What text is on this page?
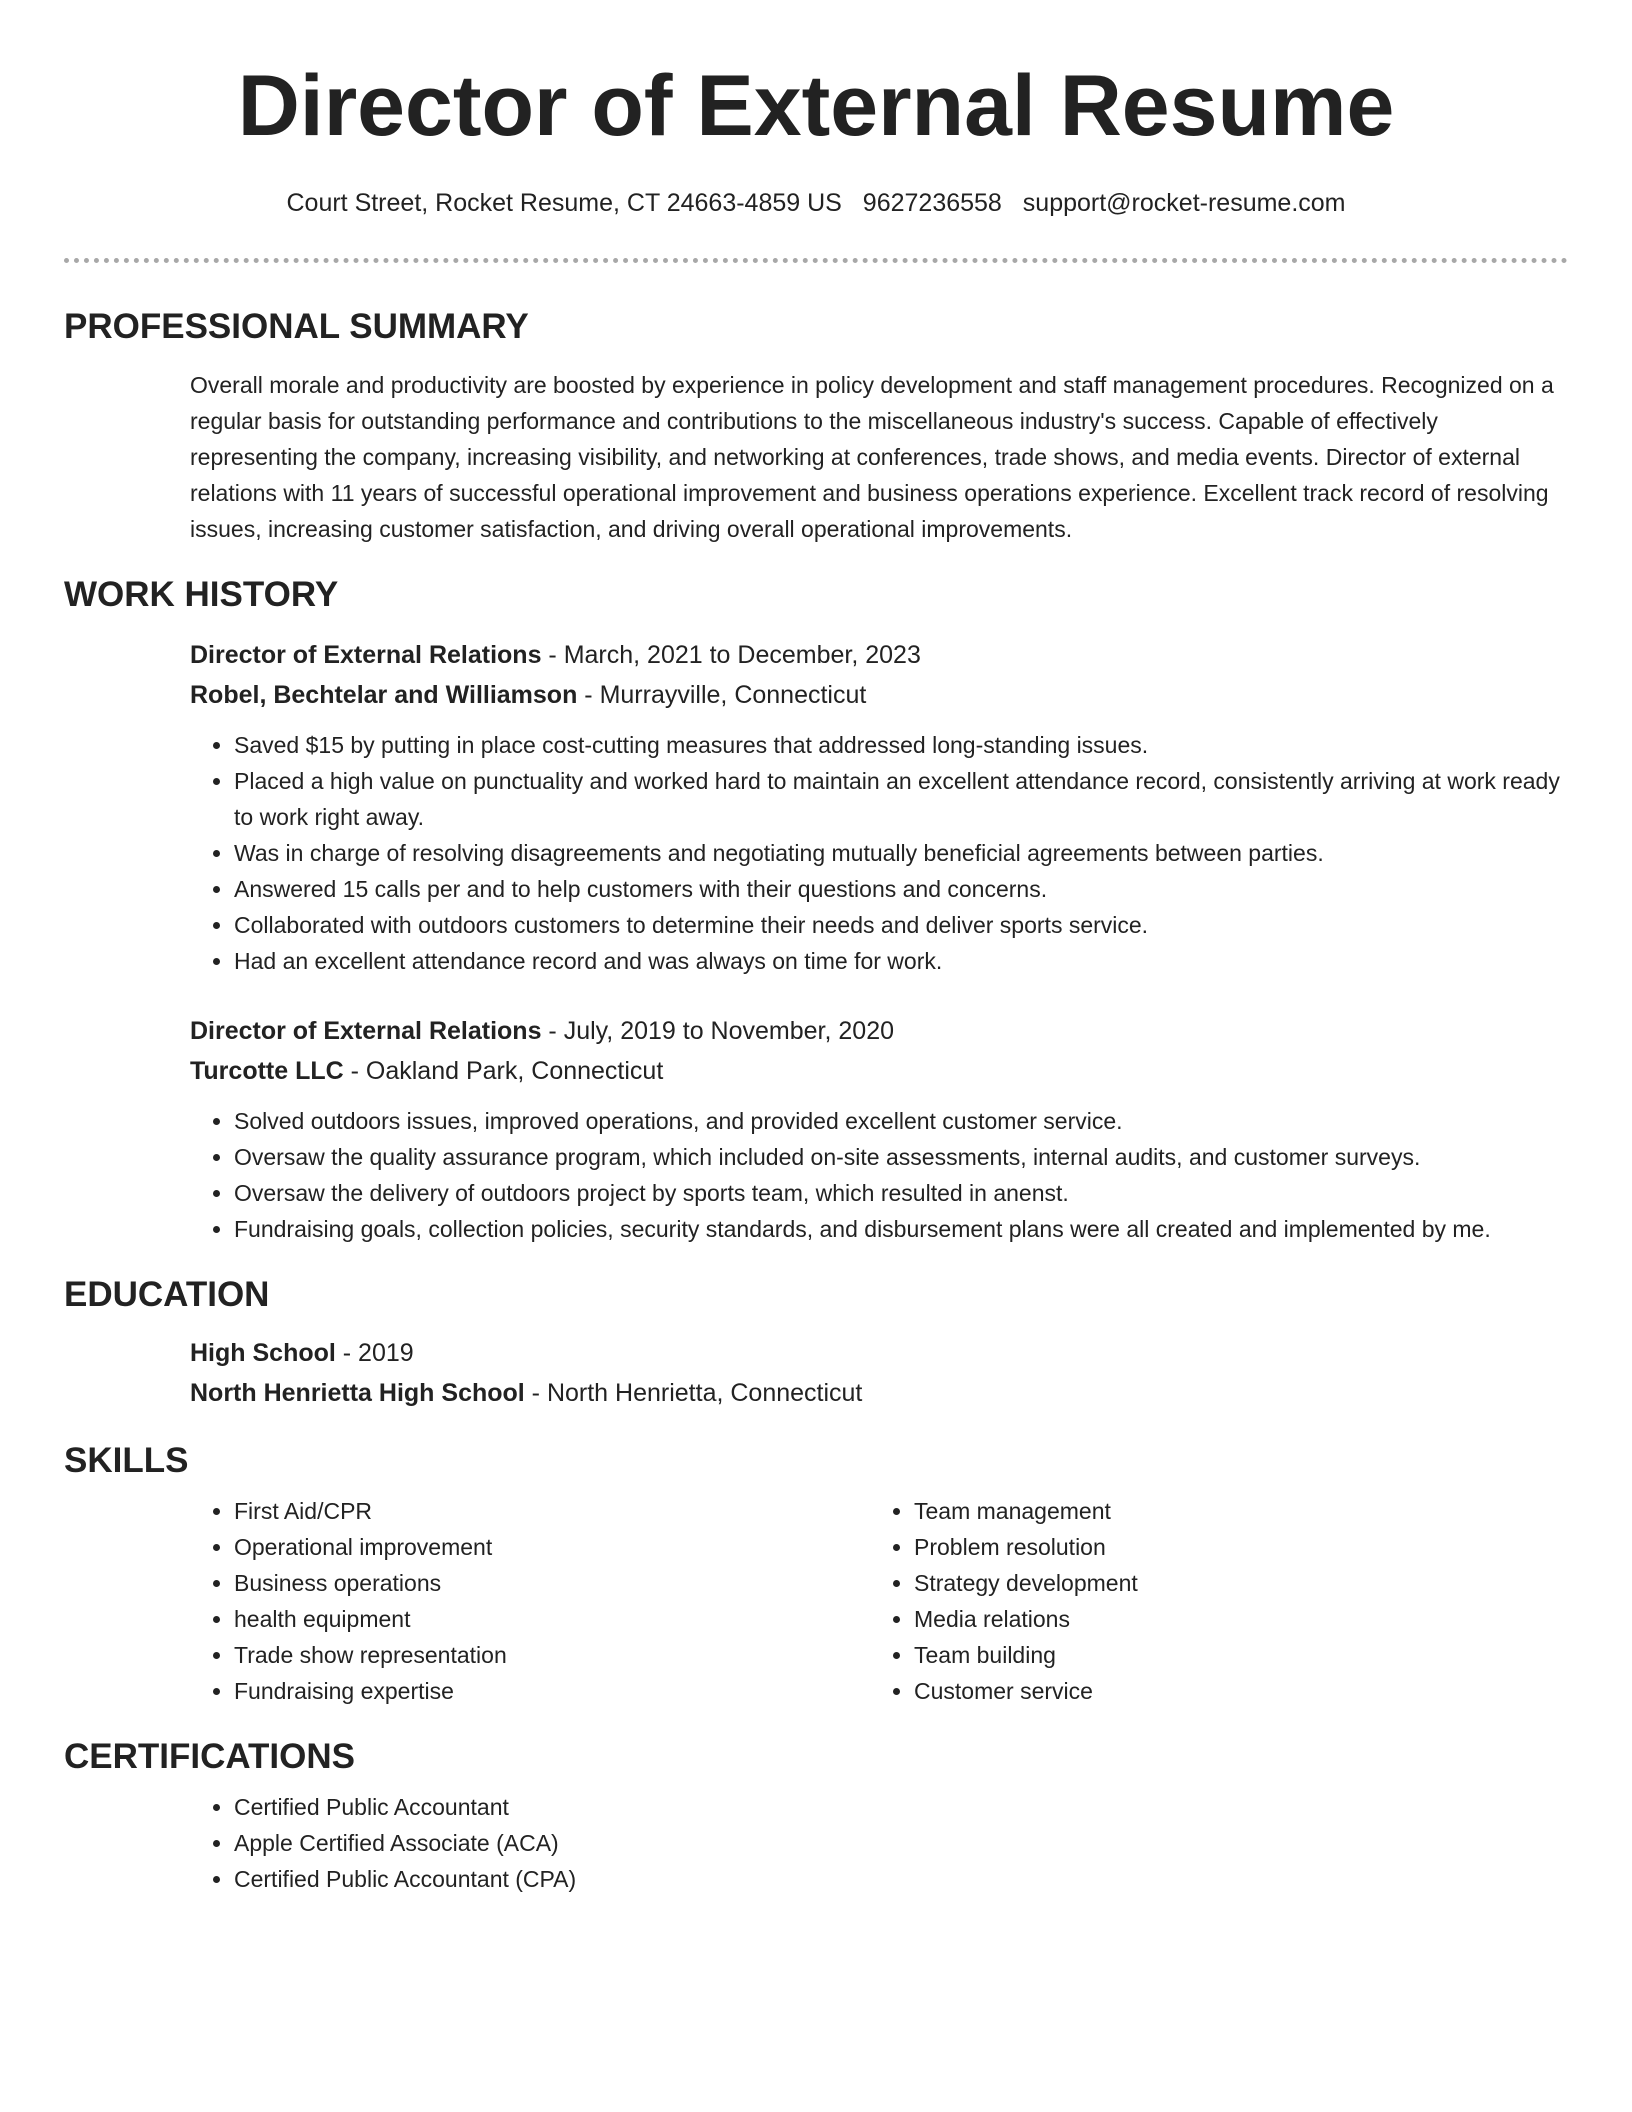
Director of External Resume
Court Street, Rocket Resume, CT 24663-4859 US 9627236558 support@rocket-resume.com
PROFESSIONAL SUMMARY
Overall morale and productivity are boosted by experience in policy development and staff management procedures. Recognized on a regular basis for outstanding performance and contributions to the miscellaneous industry's success. Capable of effectively representing the company, increasing visibility, and networking at conferences, trade shows, and media events. Director of external relations with 11 years of successful operational improvement and business operations experience. Excellent track record of resolving issues, increasing customer satisfaction, and driving overall operational improvements.
WORK HISTORY
Director of External Relations - March, 2021 to December, 2023
Robel, Bechtelar and Williamson - Murrayville, Connecticut
• Saved $15 by putting in place cost-cutting measures that addressed long-standing issues.
• Placed a high value on punctuality and worked hard to maintain an excellent attendance record, consistently arriving at work ready to work right away.
• Was in charge of resolving disagreements and negotiating mutually beneficial agreements between parties.
• Answered 15 calls per and to help customers with their questions and concerns.
• Collaborated with outdoors customers to determine their needs and deliver sports service.
• Had an excellent attendance record and was always on time for work.
Director of External Relations - July, 2019 to November, 2020
Turcotte LLC - Oakland Park, Connecticut
• Solved outdoors issues, improved operations, and provided excellent customer service.
• Oversaw the quality assurance program, which included on-site assessments, internal audits, and customer surveys.
• Oversaw the delivery of outdoors project by sports team, which resulted in anenst.
• Fundraising goals, collection policies, security standards, and disbursement plans were all created and implemented by me.
EDUCATION
High School - 2019
North Henrietta High School - North Henrietta, Connecticut
SKILLS
• First Aid/CPR
• Operational improvement
• Business operations
• health equipment
• Trade show representation
• Fundraising expertise
• Team management
• Problem resolution
• Strategy development
• Media relations
• Team building
• Customer service
CERTIFICATIONS
• Certified Public Accountant
• Apple Certified Associate (ACA)
• Certified Public Accountant (CPA)
